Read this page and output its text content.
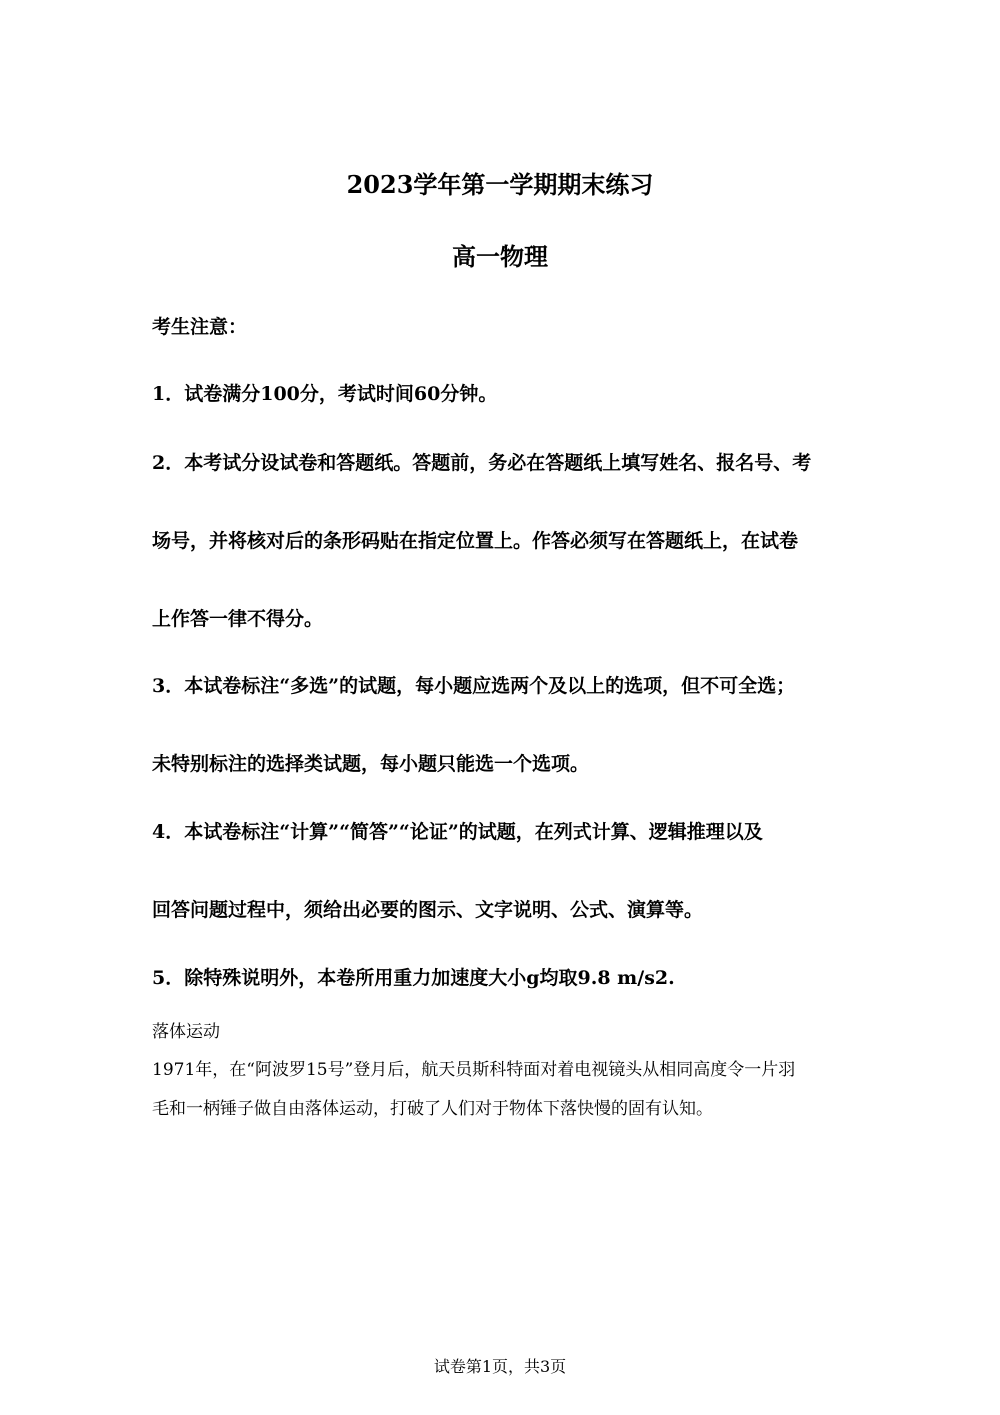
2023学年第一学期期末练习
高一物理
考生注意：
1．试卷满分100分，考试时间60分钟。
2．本考试分设试卷和答题纸。答题前，务必在答题纸上填写姓名、报名号、考
场号，并将核对后的条形码贴在指定位置上。作答必须写在答题纸上，在试卷
上作答一律不得分。
3．本试卷标注“多选”的试题，每小题应选两个及以上的选项，但不可全选；
未特别标注的选择类试题，每小题只能选一个选项。
4．本试卷标注“计算”“简答”“论证”的试题，在列式计算、逻辑推理以及
回答问题过程中，须给出必要的图示、文字说明、公式、演算等。
5．除特殊说明外，本卷所用重力加速度大小g均取9.8 m/s2.
落体运动
1971年，在“阿波罗15号”登月后，航天员斯科特面对着电视镜头从相同高度令一片羽
毛和一柄锤子做自由落体运动，打破了人们对于物体下落快慢的固有认知。
试卷第1页，共3页
